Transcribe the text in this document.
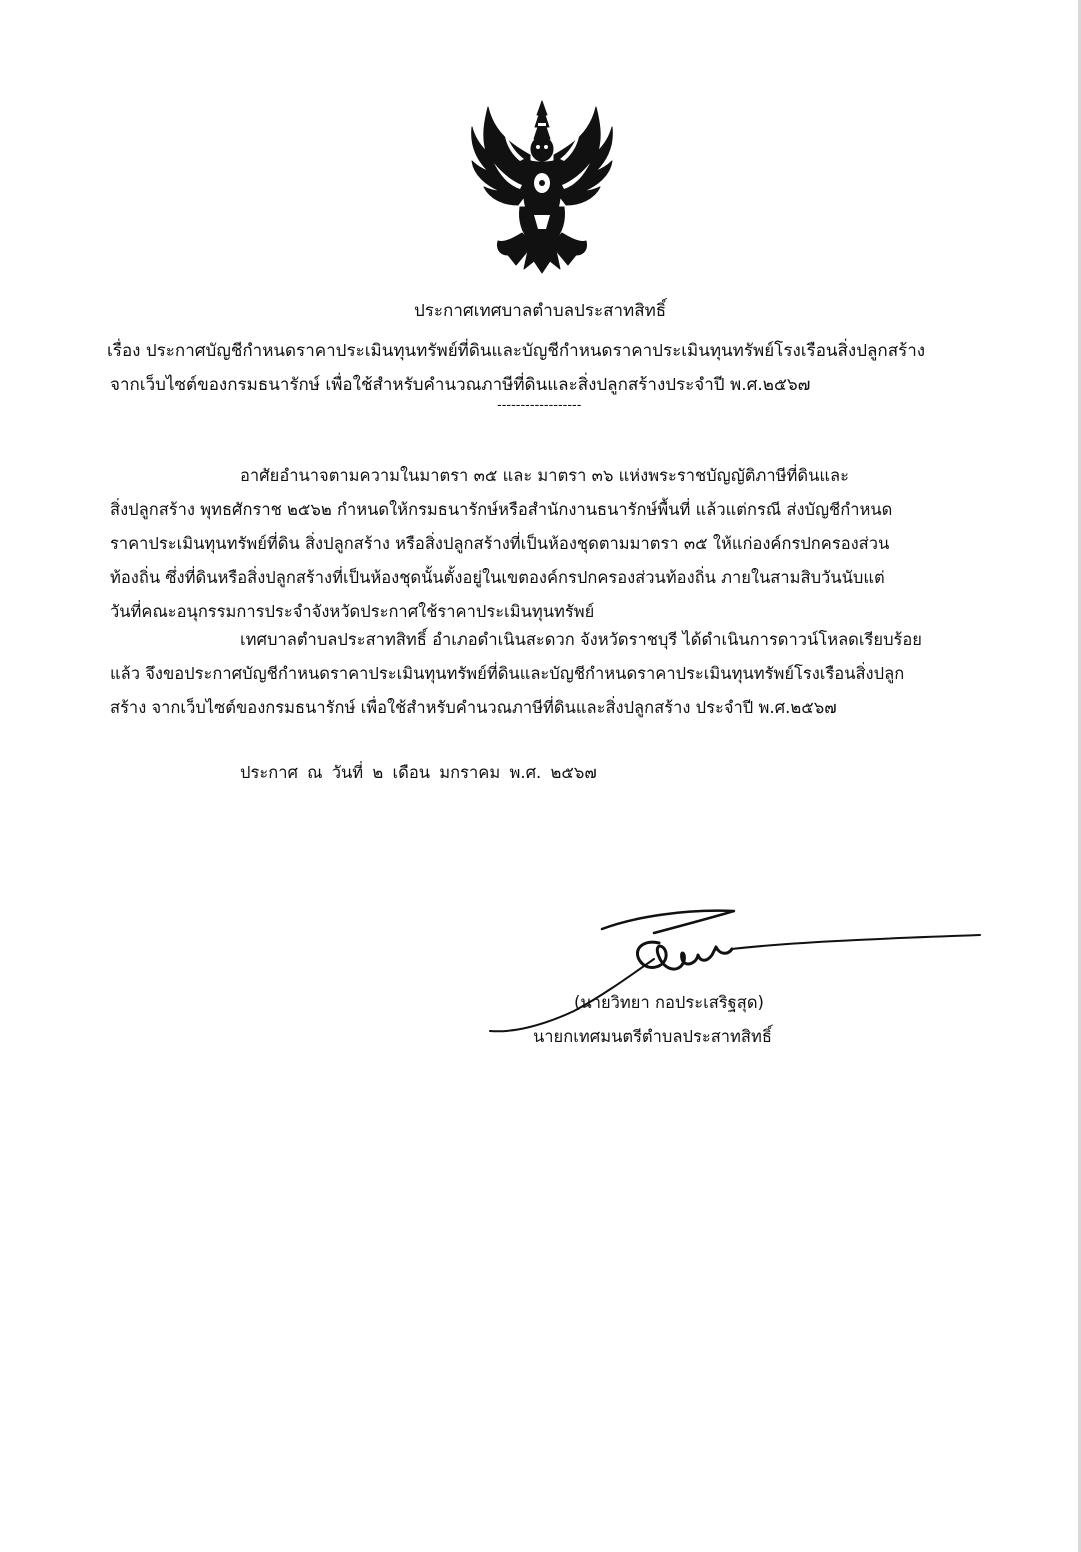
ประกาศเทศบาลตำบลประสาทสิทธิ์
เรื่อง ประกาศบัญชีกำหนดราคาประเมินทุนทรัพย์ที่ดินและบัญชีกำหนดราคาประเมินทุนทรัพย์โรงเรือนสิ่งปลูกสร้าง
จากเว็บไซต์ของกรมธนารักษ์ เพื่อใช้สำหรับคำนวณภาษีที่ดินและสิ่งปลูกสร้างประจำปี พ.ศ.๒๕๖๗
------------------
อาศัยอำนาจตามความในมาตรา ๓๕ และ มาตรา ๓๖ แห่งพระราชบัญญัติภาษีที่ดินและ
สิ่งปลูกสร้าง พุทธศักราช ๒๕๖๒ กำหนดให้กรมธนารักษ์หรือสำนักงานธนารักษ์พื้นที่ แล้วแต่กรณี ส่งบัญชีกำหนด
ราคาประเมินทุนทรัพย์ที่ดิน สิ่งปลูกสร้าง หรือสิ่งปลูกสร้างที่เป็นห้องชุดตามมาตรา ๓๕ ให้แก่องค์กรปกครองส่วน
ท้องถิ่น ซึ่งที่ดินหรือสิ่งปลูกสร้างที่เป็นห้องชุดนั้นตั้งอยู่ในเขตองค์กรปกครองส่วนท้องถิ่น ภายในสามสิบวันนับแต่
วันที่คณะอนุกรรมการประจำจังหวัดประกาศใช้ราคาประเมินทุนทรัพย์
เทศบาลตำบลประสาทสิทธิ์ อำเภอดำเนินสะดวก จังหวัดราชบุรี ได้ดำเนินการดาวน์โหลดเรียบร้อย
แล้ว จึงขอประกาศบัญชีกำหนดราคาประเมินทุนทรัพย์ที่ดินและบัญชีกำหนดราคาประเมินทุนทรัพย์โรงเรือนสิ่งปลูก
สร้าง จากเว็บไซต์ของกรมธนารักษ์ เพื่อใช้สำหรับคำนวณภาษีที่ดินและสิ่งปลูกสร้าง ประจำปี พ.ศ.๒๕๖๗
ประกาศ ณ วันที่ ๒ เดือน มกราคม พ.ศ. ๒๕๖๗
(นายวิทยา กอประเสริฐสุด)
นายกเทศมนตรีตำบลประสาทสิทธิ์
